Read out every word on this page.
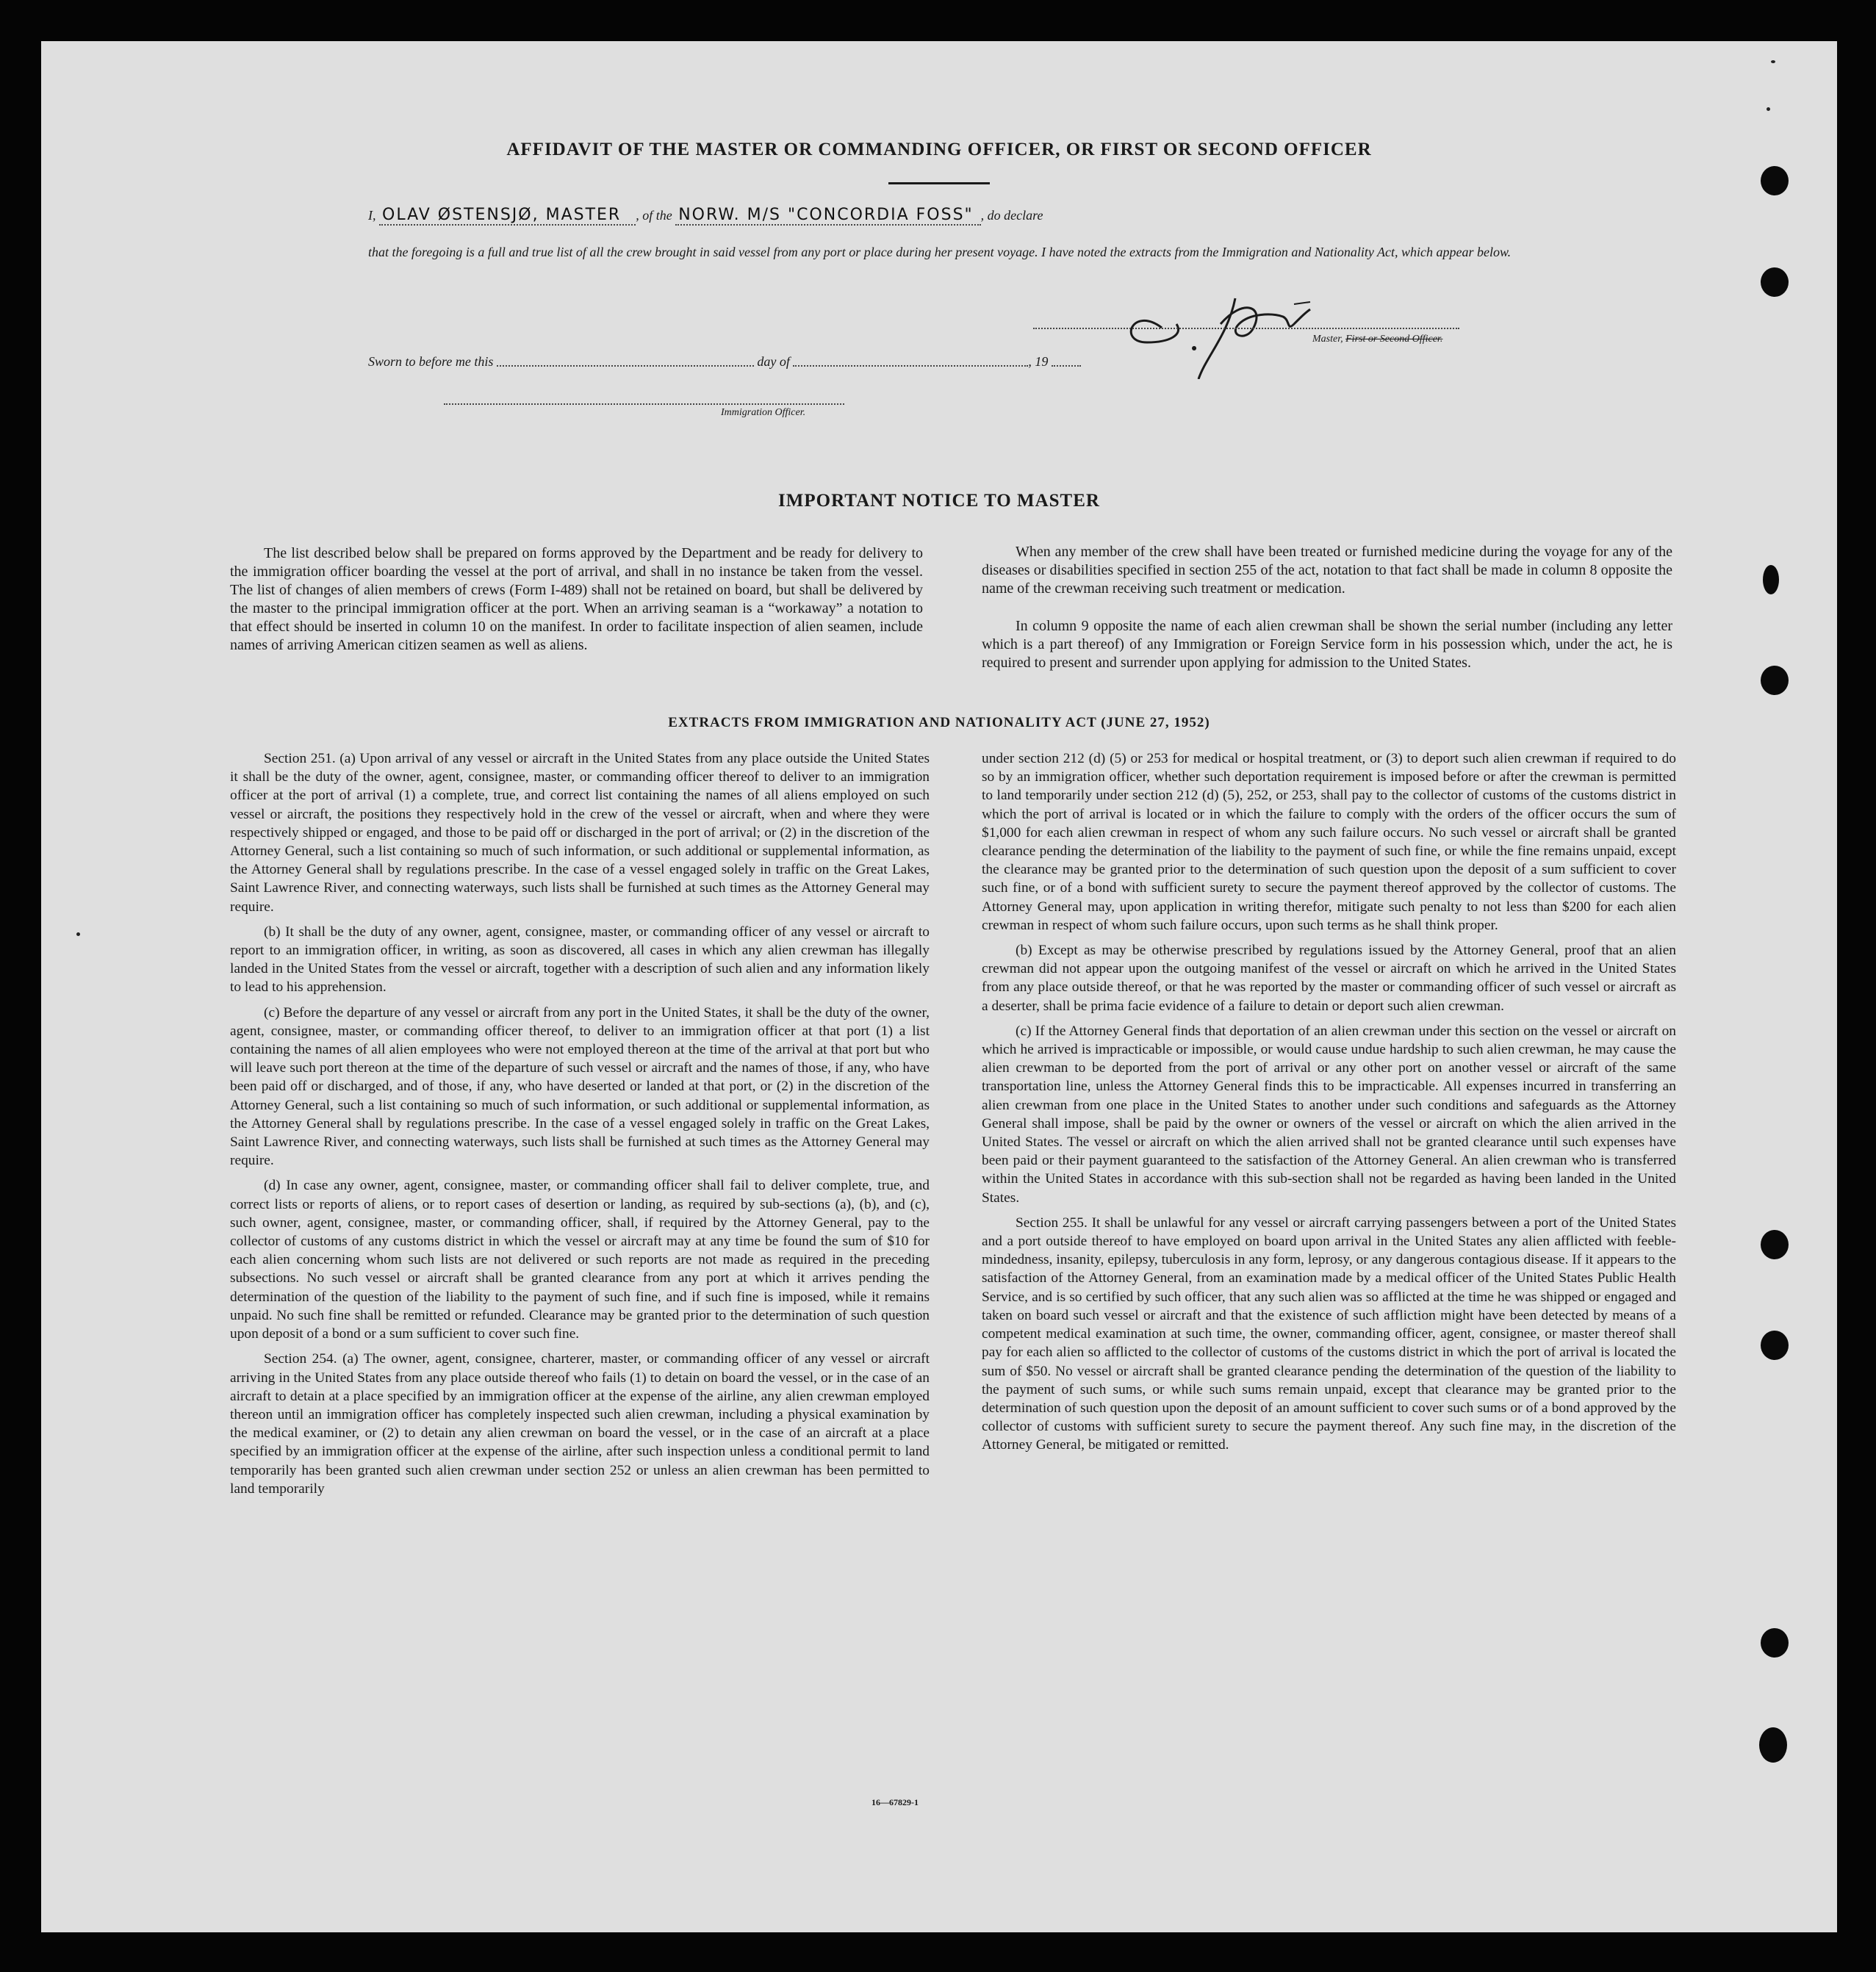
AFFIDAVIT OF THE MASTER OR COMMANDING OFFICER, OR FIRST OR SECOND OFFICER
I, OLAV ØSTENSJØ, MASTER , of the NORW. M/S "CONCORDIA FOSS" , do declare
that the foregoing is a full and true list of all the crew brought in said vessel from any port or place during her present voyage. I have noted the extracts from the Immigration and Nationality Act, which appear below.
Master, First or Second Officer.
Sworn to before me this	day of	, 19
Immigration Officer.
IMPORTANT NOTICE TO MASTER

The list described below shall be prepared on forms approved by the Department and be ready for delivery to the immigration officer boarding the vessel at the port of arrival, and shall in no instance be taken from the vessel. The list of changes of alien members of crews (Form I-489) shall not be retained on board, but shall be delivered by the master to the principal immigration officer at the port. When an arriving seaman is a “workaway” a notation to that effect should be inserted in column 10 on the manifest. In order to facilitate inspection of alien seamen, include names of arriving American citizen seamen as well as aliens.

When any member of the crew shall have been treated or furnished medicine during the voyage for any of the diseases or disabilities specified in section 255 of the act, notation to that fact shall be made in column 8 opposite the name of the crewman receiving such treatment or medication.

In column 9 opposite the name of each alien crewman shall be shown the serial number (including any letter which is a part thereof) of any Immigration or Foreign Service form in his possession which, under the act, he is required to present and surrender upon applying for admission to the United States.

EXTRACTS FROM IMMIGRATION AND NATIONALITY ACT (JUNE 27, 1952)

Section 251. (a) Upon arrival of any vessel or aircraft in the United States from any place outside the United States it shall be the duty of the owner, agent, consignee, master, or commanding officer thereof to deliver to an immigration officer at the port of arrival (1) a complete, true, and correct list containing the names of all aliens employed on such vessel or aircraft, the positions they respectively hold in the crew of the vessel or aircraft, when and where they were respectively shipped or engaged, and those to be paid off or discharged in the port of arrival; or (2) in the discretion of the Attorney General, such a list containing so much of such information, or such additional or supplemental information, as the Attorney General shall by regulations prescribe. In the case of a vessel engaged solely in traffic on the Great Lakes, Saint Lawrence River, and connecting waterways, such lists shall be furnished at such times as the Attorney General may require.

(b) It shall be the duty of any owner, agent, consignee, master, or commanding officer of any vessel or aircraft to report to an immigration officer, in writing, as soon as discovered, all cases in which any alien crewman has illegally landed in the United States from the vessel or aircraft, together with a description of such alien and any information likely to lead to his apprehension.

(c) Before the departure of any vessel or aircraft from any port in the United States, it shall be the duty of the owner, agent, consignee, master, or commanding officer thereof, to deliver to an immigration officer at that port (1) a list containing the names of all alien employees who were not employed thereon at the time of the arrival at that port but who will leave such port thereon at the time of the departure of such vessel or aircraft and the names of those, if any, who have been paid off or discharged, and of those, if any, who have deserted or landed at that port, or (2) in the discretion of the Attorney General, such a list containing so much of such information, or such additional or supplemental information, as the Attorney General shall by regulations prescribe. In the case of a vessel engaged solely in traffic on the Great Lakes, Saint Lawrence River, and connecting waterways, such lists shall be furnished at such times as the Attorney General may require.

(d) In case any owner, agent, consignee, master, or commanding officer shall fail to deliver complete, true, and correct lists or reports of aliens, or to report cases of desertion or landing, as required by sub-sections (a), (b), and (c), such owner, agent, consignee, master, or commanding officer, shall, if required by the Attorney General, pay to the collector of customs of any customs district in which the vessel or aircraft may at any time be found the sum of $10 for each alien concerning whom such lists are not delivered or such reports are not made as required in the preceding subsections. No such vessel or aircraft shall be granted clearance from any port at which it arrives pending the determination of the question of the liability to the payment of such fine, and if such fine is imposed, while it remains unpaid. No such fine shall be remitted or refunded. Clearance may be granted prior to the determination of such question upon deposit of a bond or a sum sufficient to cover such fine.

Section 254. (a) The owner, agent, consignee, charterer, master, or commanding officer of any vessel or aircraft arriving in the United States from any place outside thereof who fails (1) to detain on board the vessel, or in the case of an aircraft to detain at a place specified by an immigration officer at the expense of the airline, any alien crewman employed thereon until an immigration officer has completely inspected such alien crewman, including a physical examination by the medical examiner, or (2) to detain any alien crewman on board the vessel, or in the case of an aircraft at a place specified by an immigration officer at the expense of the airline, after such inspection unless a conditional permit to land temporarily has been granted such alien crewman under section 252 or unless an alien crewman has been permitted to land temporarily

under section 212 (d) (5) or 253 for medical or hospital treatment, or (3) to deport such alien crewman if required to do so by an immigration officer, whether such deportation requirement is imposed before or after the crewman is permitted to land temporarily under section 212 (d) (5), 252, or 253, shall pay to the collector of customs of the customs district in which the port of arrival is located or in which the failure to comply with the orders of the officer occurs the sum of $1,000 for each alien crewman in respect of whom any such failure occurs. No such vessel or aircraft shall be granted clearance pending the determination of the liability to the payment of such fine, or while the fine remains unpaid, except the clearance may be granted prior to the determination of such question upon the deposit of a sum sufficient to cover such fine, or of a bond with sufficient surety to secure the payment thereof approved by the collector of customs. The Attorney General may, upon application in writing therefor, mitigate such penalty to not less than $200 for each alien crewman in respect of whom such failure occurs, upon such terms as he shall think proper.

(b) Except as may be otherwise prescribed by regulations issued by the Attorney General, proof that an alien crewman did not appear upon the outgoing manifest of the vessel or aircraft on which he arrived in the United States from any place outside thereof, or that he was reported by the master or commanding officer of such vessel or aircraft as a deserter, shall be prima facie evidence of a failure to detain or deport such alien crewman.

(c) If the Attorney General finds that deportation of an alien crewman under this section on the vessel or aircraft on which he arrived is impracticable or impossible, or would cause undue hardship to such alien crewman, he may cause the alien crewman to be deported from the port of arrival or any other port on another vessel or aircraft of the same transportation line, unless the Attorney General finds this to be impracticable. All expenses incurred in transferring an alien crewman from one place in the United States to another under such conditions and safeguards as the Attorney General shall impose, shall be paid by the owner or owners of the vessel or aircraft on which the alien arrived in the United States. The vessel or aircraft on which the alien arrived shall not be granted clearance until such expenses have been paid or their payment guaranteed to the satisfaction of the Attorney General. An alien crewman who is transferred within the United States in accordance with this sub-section shall not be regarded as having been landed in the United States.

Section 255. It shall be unlawful for any vessel or aircraft carrying passengers between a port of the United States and a port outside thereof to have employed on board upon arrival in the United States any alien afflicted with feeble-mindedness, insanity, epilepsy, tuberculosis in any form, leprosy, or any dangerous contagious disease. If it appears to the satisfaction of the Attorney General, from an examination made by a medical officer of the United States Public Health Service, and is so certified by such officer, that any such alien was so afflicted at the time he was shipped or engaged and taken on board such vessel or aircraft and that the existence of such affliction might have been detected by means of a competent medical examination at such time, the owner, commanding officer, agent, consignee, or master thereof shall pay for each alien so afflicted to the collector of customs of the customs district in which the port of arrival is located the sum of $50. No vessel or aircraft shall be granted clearance pending the determination of the question of the liability to the payment of such sums, or while such sums remain unpaid, except that clearance may be granted prior to the determination of such question upon the deposit of an amount sufficient to cover such sums or of a bond approved by the collector of customs with sufficient surety to secure the payment thereof. Any such fine may, in the discretion of the Attorney General, be mitigated or remitted.

16—67829-1
